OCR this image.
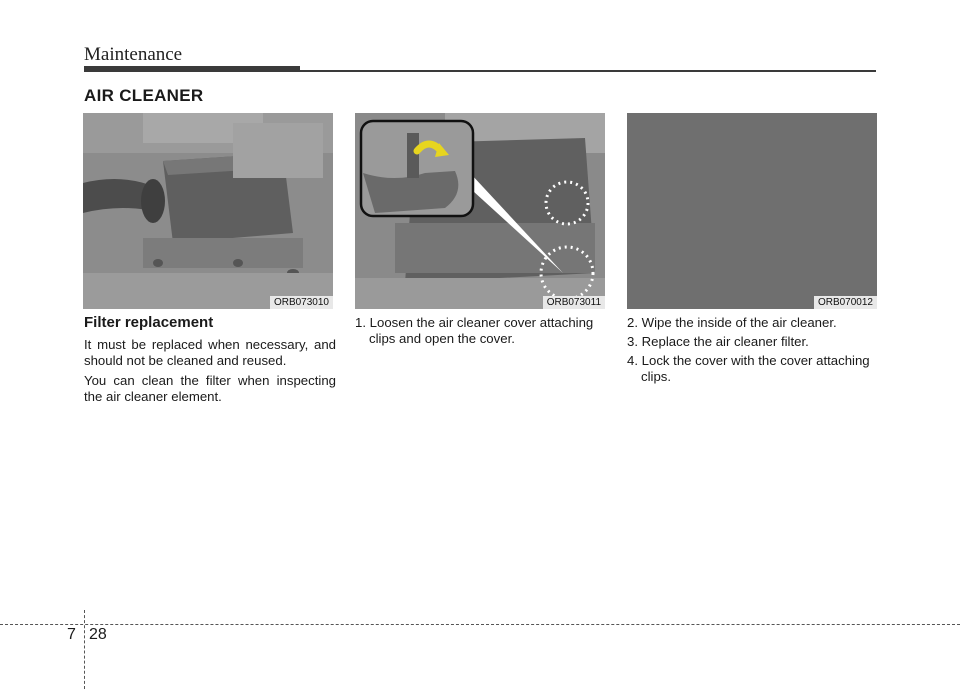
Maintenance
AIR CLEANER
ORB073010	ORB073011	ORB070012
Filter replacement

It must be replaced when necessary, and should not be cleaned and reused.

You can clean the filter when inspecting the air cleaner element.

1. Loosen the air cleaner cover attaching clips and open the cover.

2. Wipe the inside of the air cleaner.

3. Replace the air cleaner filter.

4. Lock the cover with the cover attaching clips.

7 28
